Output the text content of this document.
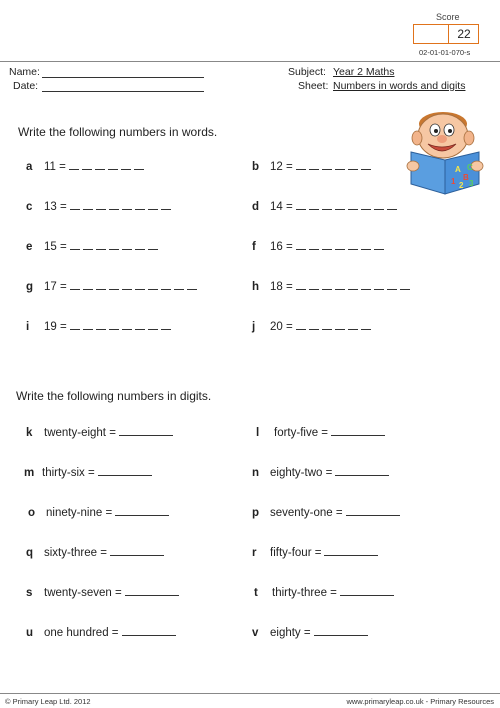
Score
22
02-01-01-070-s
Name:
Date:
Subject: Year 2 Maths
Sheet: Numbers in words and digits
Write the following numbers in words.
A
B
C
1 2 3
a 11 =	b 12 =
c 13 =	d 14 =
e 15 =	f 16 =
g 17 =	h 18 =
i 19 =	j 20 =
Write the following numbers in digits.
k twenty-eight =	l forty-five =
m thirty-six =	n eighty-two =
o ninety-nine =	p seventy-one =
q sixty-three =	r fifty-four =
s twenty-seven =	t thirty-three =
u one hundred =	v eighty =
© Primary Leap Ltd. 2012	www.primaryleap.co.uk - Primary Resources
